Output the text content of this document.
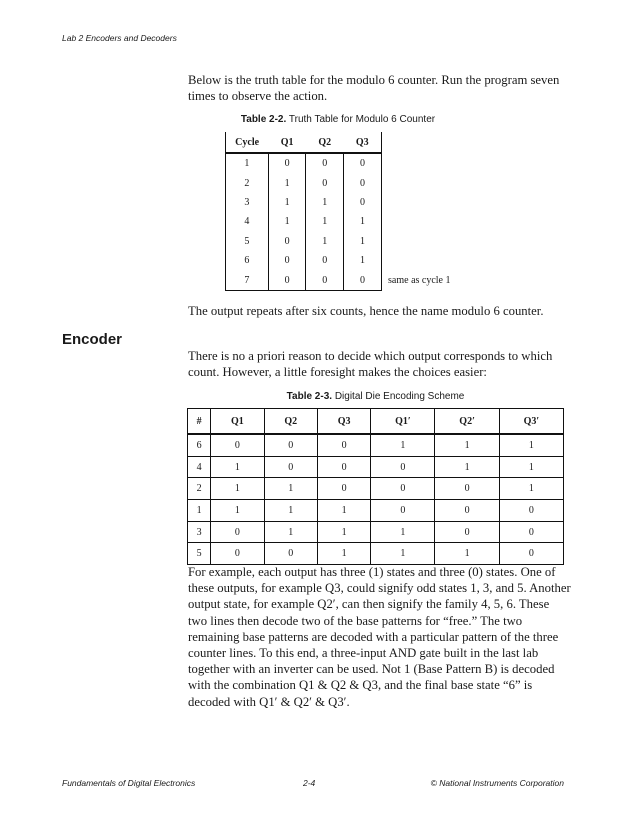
Lab 2 Encoders and Decoders

Below is the truth table for the modulo 6 counter. Run the program seven times to observe the action.

Table 2-2. Truth Table for Modulo 6 Counter
Cycle	Q1	Q2	Q3	
1	0	0	0	
2	1	0	0	
3	1	1	0	
4	1	1	1	
5	0	1	1	
6	0	0	1	
7	0	0	0	same as cycle 1

The output repeats after six counts, hence the name modulo 6 counter.

Encoder

There is no a priori reason to decide which output corresponds to which count. However, a little foresight makes the choices easier:

Table 2-3. Digital Die Encoding Scheme
#	Q1	Q2	Q3	Q1′	Q2′	Q3′
6	0	0	0	1	1	1
4	1	0	0	0	1	1
2	1	1	0	0	0	1
1	1	1	1	0	0	0
3	0	1	1	1	0	0
5	0	0	1	1	1	0

For example, each output has three (1) states and three (0) states. One of these outputs, for example Q3, could signify odd states 1, 3, and 5. Another output state, for example Q2′, can then signify the family 4, 5, 6. These two lines then decode two of the base patterns for “free.” The two remaining base patterns are decoded with a particular pattern of the three counter lines. To this end, a three-input AND gate built in the last lab together with an inverter can be used. Not 1 (Base Pattern B) is decoded with the combination Q1 & Q2 & Q3, and the final base state “6” is decoded with Q1′ & Q2′ & Q3′.

Fundamentals of Digital Electronics	2-4	© National Instruments Corporation
